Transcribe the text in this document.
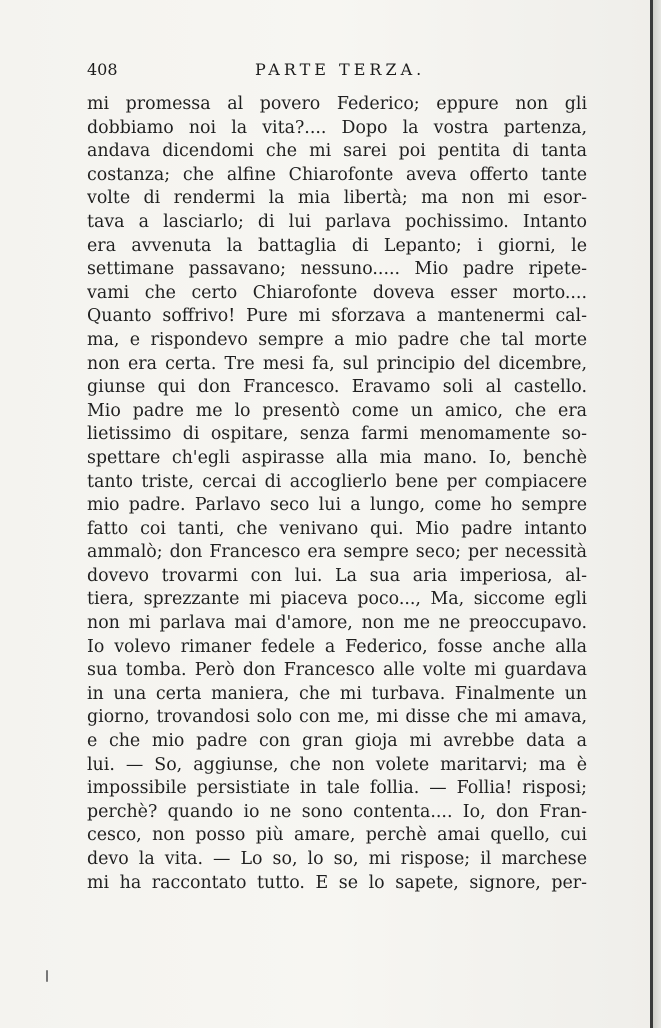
408	PARTE TERZA.
mi promessa al povero Federico; eppure non gli
dobbiamo noi la vita?.... Dopo la vostra partenza,
andava dicendomi che mi sarei poi pentita di tanta
costanza; che alfine Chiarofonte aveva offerto tante
volte di rendermi la mia libertà; ma non mi esor-
tava a lasciarlo; di lui parlava pochissimo. Intanto
era avvenuta la battaglia di Lepanto; i giorni, le
settimane passavano; nessuno..... Mio padre ripete-
vami che certo Chiarofonte doveva esser morto....
Quanto soffrivo! Pure mi sforzava a mantenermi cal-
ma, e rispondevo sempre a mio padre che tal morte
non era certa. Tre mesi fa, sul principio del dicembre,
giunse qui don Francesco. Eravamo soli al castello.
Mio padre me lo presentò come un amico, che era
lietissimo di ospitare, senza farmi menomamente so-
spettare ch'egli aspirasse alla mia mano. Io, benchè
tanto triste, cercai di accoglierlo bene per compiacere
mio padre. Parlavo seco lui a lungo, come ho sempre
fatto coi tanti, che venivano qui. Mio padre intanto
ammalò; don Francesco era sempre seco; per necessità
dovevo trovarmi con lui. La sua aria imperiosa, al-
tiera, sprezzante mi piaceva poco..., Ma, siccome egli
non mi parlava mai d'amore, non me ne preoccupavo.
Io volevo rimaner fedele a Federico, fosse anche alla
sua tomba. Però don Francesco alle volte mi guardava
in una certa maniera, che mi turbava. Finalmente un
giorno, trovandosi solo con me, mi disse che mi amava,
e che mio padre con gran gioja mi avrebbe data a
lui. — So, aggiunse, che non volete maritarvi; ma è
impossibile persistiate in tale follia. — Follia! risposi;
perchè? quando io ne sono contenta.... Io, don Fran-
cesco, non posso più amare, perchè amai quello, cui
devo la vita. — Lo so, lo so, mi rispose; il marchese
mi ha raccontato tutto. E se lo sapete, signore, per-
